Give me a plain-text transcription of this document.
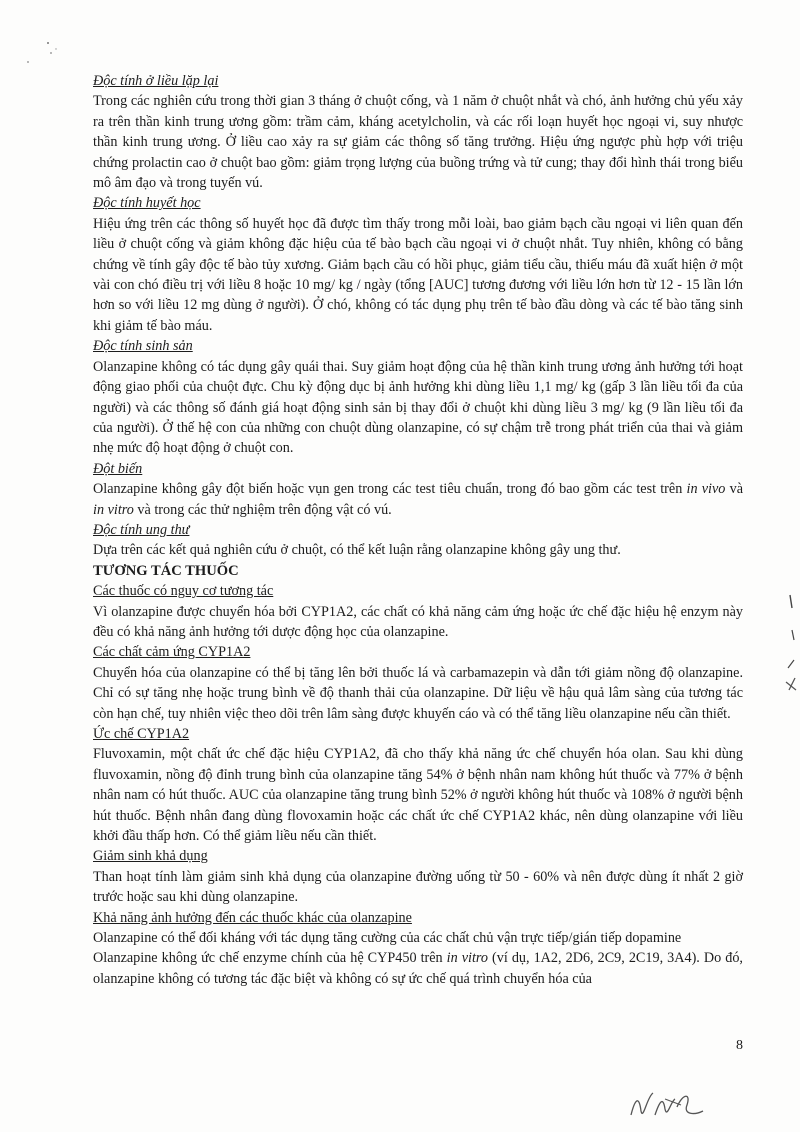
Độc tính ở liều lặp lại

Trong các nghiên cứu trong thời gian 3 tháng ở chuột cống, và 1 năm ở chuột nhắt và chó, ảnh hưởng chủ yếu xảy ra trên thần kinh trung ương gồm: trầm cảm, kháng acetylcholin, và các rối loạn huyết học ngoại vi, suy nhược thần kinh trung ương. Ở liều cao xảy ra sự giảm các thông số tăng trưởng. Hiệu ứng ngược phù hợp với triệu chứng prolactin cao ở chuột bao gồm: giảm trọng lượng của buồng trứng và tử cung; thay đổi hình thái trong biểu mô âm đạo và trong tuyến vú.

Độc tính huyết học

Hiệu ứng trên các thông số huyết học đã được tìm thấy trong mỗi loài, bao giảm bạch cầu ngoại vi liên quan đến liều ở chuột cống và giảm không đặc hiệu của tế bào bạch cầu ngoại vi ở chuột nhắt. Tuy nhiên, không có bằng chứng về tính gây độc tế bào tủy xương. Giảm bạch cầu có hồi phục, giảm tiểu cầu, thiếu máu đã xuất hiện ở một vài con chó điều trị với liều 8 hoặc 10 mg/ kg / ngày (tổng [AUC] tương đương với liều lớn hơn từ 12 - 15 lần lớn hơn so với liều 12 mg dùng ở người). Ở chó, không có tác dụng phụ trên tế bào đầu dòng và các tế bào tăng sinh khi giảm tế bào máu.

Độc tính sinh sản

Olanzapine không có tác dụng gây quái thai. Suy giảm hoạt động của hệ thần kinh trung ương ảnh hưởng tới hoạt động giao phối của chuột đực. Chu kỳ động dục bị ảnh hưởng khi dùng liều 1,1 mg/ kg (gấp 3 lần liều tối đa của người) và các thông số đánh giá hoạt động sinh sản bị thay đổi ở chuột khi dùng liều 3 mg/ kg (9 lần liều tối đa của người). Ở thế hệ con của những con chuột dùng olanzapine, có sự chậm trễ trong phát triển của thai và giảm nhẹ mức độ hoạt động ở chuột con.

Đột biến

Olanzapine không gây đột biến hoặc vụn gen trong các test tiêu chuẩn, trong đó bao gồm các test trên in vivo và in vitro và trong các thử nghiệm trên động vật có vú.

Độc tính ung thư

Dựa trên các kết quả nghiên cứu ở chuột, có thể kết luận rằng olanzapine không gây ung thư.

TƯƠNG TÁC THUỐC

Các thuốc có nguy cơ tương tác

Vì olanzapine được chuyển hóa bởi CYP1A2, các chất có khả năng cảm ứng hoặc ức chế đặc hiệu hệ enzym này đều có khả năng ảnh hưởng tới dược động học của olanzapine.

Các chất cảm ứng CYP1A2

Chuyển hóa của olanzapine có thể bị tăng lên bởi thuốc lá và carbamazepin và dẫn tới giảm nồng độ olanzapine. Chỉ có sự tăng nhẹ hoặc trung bình về độ thanh thải của olanzapine. Dữ liệu về hậu quả lâm sàng của tương tác còn hạn chế, tuy nhiên việc theo dõi trên lâm sàng được khuyến cáo và có thể tăng liều olanzapine nếu cần thiết.

Ức chế CYP1A2

Fluvoxamin, một chất ức chế đặc hiệu CYP1A2, đã cho thấy khả năng ức chế chuyển hóa olan. Sau khi dùng fluvoxamin, nồng độ đỉnh trung bình của olanzapine tăng 54% ở bệnh nhân nam không hút thuốc và 77% ở bệnh nhân nam có hút thuốc. AUC của olanzapine tăng trung bình 52% ở người không hút thuốc và 108% ở người bệnh hút thuốc. Bệnh nhân đang dùng flovoxamin hoặc các chất ức chế CYP1A2 khác, nên dùng olanzapine với liều khởi đầu thấp hơn. Có thể giảm liều nếu cần thiết.

Giảm sinh khả dụng

Than hoạt tính làm giảm sinh khả dụng của olanzapine đường uống từ 50 - 60% và nên được dùng ít nhất 2 giờ trước hoặc sau khi dùng olanzapine.

Khả năng ảnh hưởng đến các thuốc khác của olanzapine

Olanzapine có thể đối kháng với tác dụng tăng cường của các chất chủ vận trực tiếp/gián tiếp dopamine

Olanzapine không ức chế enzyme chính của hệ CYP450 trên in vitro (ví dụ, 1A2, 2D6, 2C9, 2C19, 3A4). Do đó, olanzapine không có tương tác đặc biệt và không có sự ức chế quá trình chuyển hóa của

8
